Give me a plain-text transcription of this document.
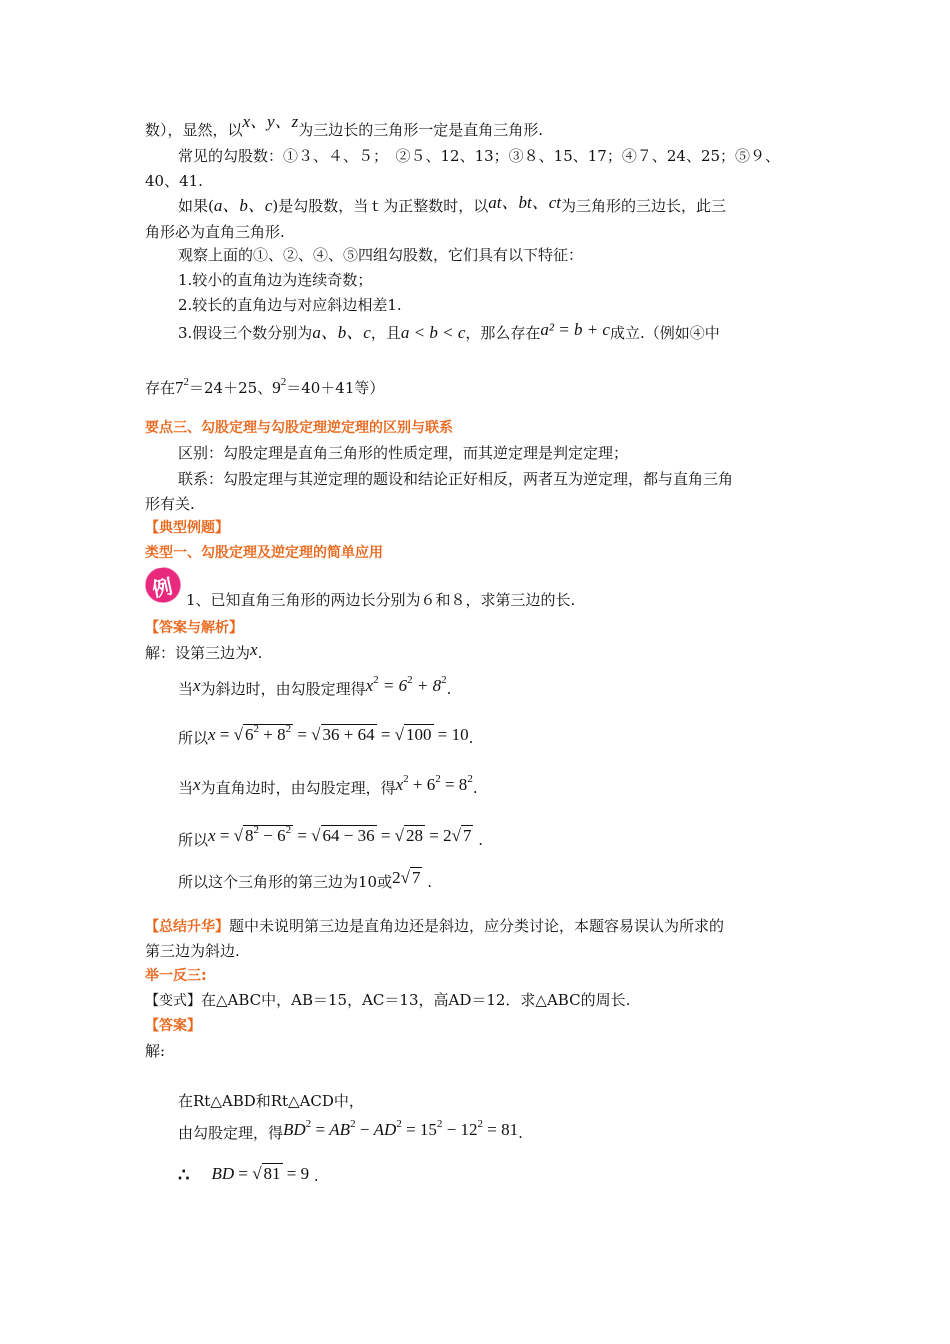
数），显然，以x、y、z为三边长的三角形一定是直角三角形.
常见的勾股数：①３、４、５；　②５、12、13；③８、15、17；④７、24、25；⑤９、
40、41.
如果(a、b、c)是勾股数，当ｔ为正整数时，以at、bt、ct为三角形的三边长，此三
角形必为直角三角形.
观察上面的①、②、④、⑤四组勾股数，它们具有以下特征：
1.较小的直角边为连续奇数；
2.较长的直角边与对应斜边相差1.
3.假设三个数分别为a、b、c，且a < b < c，那么存在a² = b + c成立.（例如④中
存在$7^2=24+25$、$9^2=40+41$等）
要点三、勾股定理与勾股定理逆定理的区别与联系
区别：勾股定理是直角三角形的性质定理，而其逆定理是判定定理；
联系：勾股定理与其逆定理的题设和结论正好相反，两者互为逆定理，都与直角三角
形有关.
【典型例题】
类型一、勾股定理及逆定理的简单应用
例 1、已知直角三角形的两边长分别为６和８，求第三边的长.
【答案与解析】
解：设第三边为x.
当x为斜边时，由勾股定理得$x^2 = 6^2 + 8^2$.
所以x = √ $6^2 + 8^2$ = √ 36 + 64 = √ 100 = 10.
当x为直角边时，由勾股定理，得$x^2 + 6^2 = 8^2$.
所以x = √ $8^2 - 6^2$ = √ 64 − 36 = √ 28 = 2√ 7 .
所以这个三角形的第三边为10或2√ 7 .
【总结升华】题中未说明第三边是直角边还是斜边，应分类讨论，本题容易误认为所求的
第三边为斜边.
举一反三:
【变式】在△ABC中，AB＝15，AC＝13，高AD＝12．求△ABC的周长.
【答案】
解:
在Rt△ABD和Rt△ACD中，
由勾股定理，得$BD^2 = AB^2 - AD^2 = 15^2 - 12^2 = 81$.
∴ BD = √ 81 = 9 .
